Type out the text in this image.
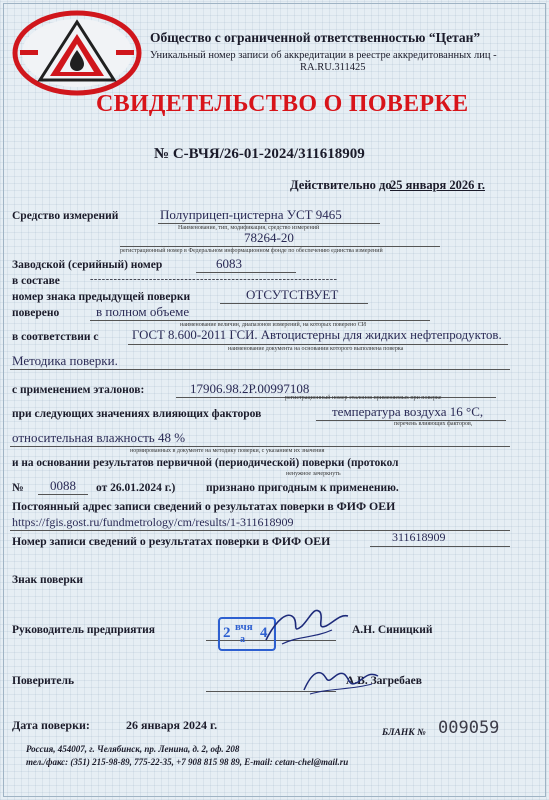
Общество с ограниченной ответственностью “Цетан”
Уникальный номер записи об аккредитации в реестре аккредитованных лиц -
RA.RU.311425
СВИДЕТЕЛЬСТВО О ПОВЕРКЕ
№ С-ВЧЯ/26-01-2024/311618909
Действительно до
25 января 2026 г.
Средство измерений	Полуприцеп-цистерна УСТ 9465
Наименование, тип, модификация, средство измерений
78264-20
регистрационный номер в Федеральном информационном фонде по обеспечению единства измерений
Заводской (серийный) номер	6083
в составе	---------------------------------------------------------------
номер знака предыдущей поверки	ОТСУТСТВУЕТ
поверено	в полном объеме
наименование величин, диапазонов измерений, на которых поверено СИ
в соответствии с	ГОСТ 8.600-2011 ГСИ. Автоцистерны для жидких нефтепродуктов.
наименование документа на основании которого выполнена поверка
Методика поверки.
с применением эталонов:	17906.98.2Р.00997108
регистрационный номер эталонов применяемых при поверке
при следующих значениях влияющих факторов	температура воздуха 16 °С,
перечень влияющих факторов,
относительная влажность 48 %
нормированных в документе на методику поверки, с указанием их значения
и на основании результатов первичной (периодической) поверки (протокол
ненужное зачеркнуть
№ 0088 от 26.01.2024 г.)	признано пригодным к применению.
Постоянный адрес записи сведений о результатах поверки в ФИФ ОЕИ
https://fgis.gost.ru/fundmetrology/cm/results/1-311618909
Номер записи сведений о результатах поверки в ФИФ ОЕИ	311618909
Знак поверки
Руководитель предприятия	А.Н. Синицкий
2 вчя 4
а
Поверитель	А.В. Загребаев
Дата поверки:	26 января 2024 г.
БЛАНК № 009059
Россия, 454007, г. Челябинск, пр. Ленина, д. 2, оф. 208
тел./факс: (351) 215-98-89, 775-22-35, +7 908 815 98 89, E-mail: cetan-chel@mail.ru
